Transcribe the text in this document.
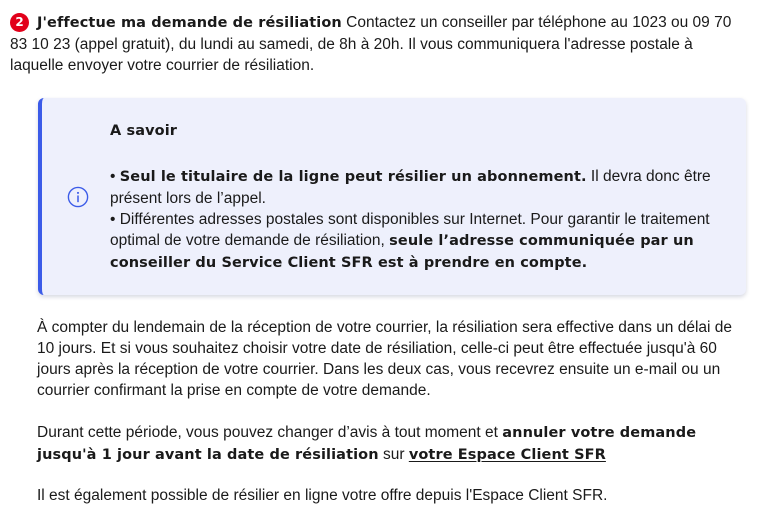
2 J'effectue ma demande de résiliation Contactez un conseiller par téléphone au 1023 ou 09 70 83 10 23 (appel gratuit), du lundi au samedi, de 8h à 20h. Il vous communiquera l'adresse postale à laquelle envoyer votre courrier de résiliation.

A savoir

• Seul le titulaire de la ligne peut résilier un abonnement. Il devra donc être présent lors de l’appel.

• Différentes adresses postales sont disponibles sur Internet. Pour garantir le traitement optimal de votre demande de résiliation, seule l’adresse communiquée par un conseiller du Service Client SFR est à prendre en compte.

À compter du lendemain de la réception de votre courrier, la résiliation sera effective dans un délai de 10 jours. Et si vous souhaitez choisir votre date de résiliation, celle-ci peut être effectuée jusqu'à 60 jours après la réception de votre courrier. Dans les deux cas, vous recevrez ensuite un e-mail ou un courrier confirmant la prise en compte de votre demande.

Durant cette période, vous pouvez changer d’avis à tout moment et annuler votre demande jusqu'à 1 jour avant la date de résiliation sur votre Espace Client SFR

Il est également possible de résilier en ligne votre offre depuis l'Espace Client SFR.
